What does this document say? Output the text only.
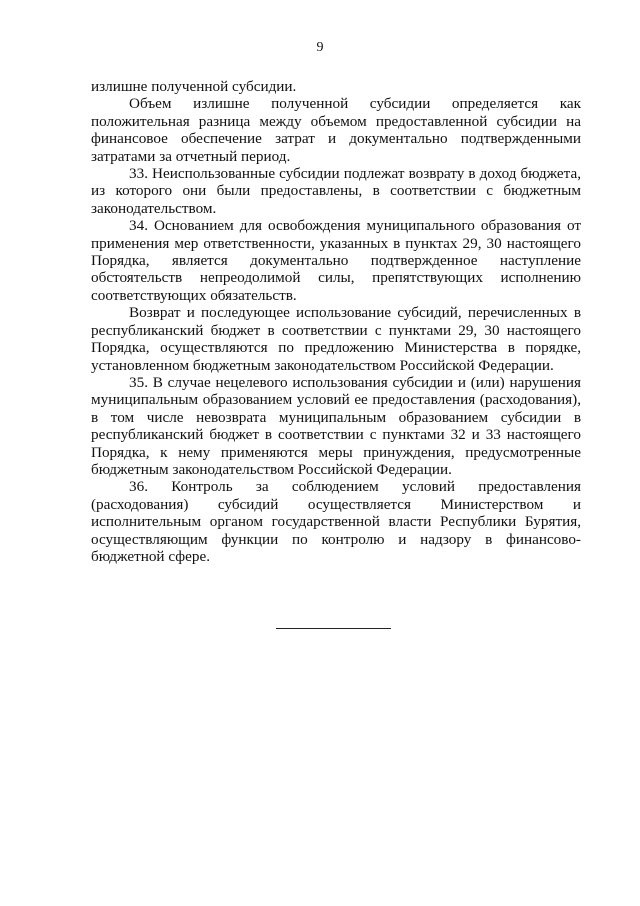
9

излишне полученной субсидии.

Объем излишне полученной субсидии определяется как положительная разница между объемом предоставленной субсидии на финансовое обеспечение затрат и документально подтвержденными затратами за отчетный период.

33. Неиспользованные субсидии подлежат возврату в доход бюджета, из которого они были предоставлены, в соответствии с бюджетным законодательством.

34. Основанием для освобождения муниципального образования от применения мер ответственности, указанных в пунктах 29, 30 настоящего Порядка, является документально подтвержденное наступление обстоятельств непреодолимой силы, препятствующих исполнению соответствующих обязательств.

Возврат и последующее использование субсидий, перечисленных в республиканский бюджет в соответствии с пунктами 29, 30 настоящего Порядка, осуществляются по предложению Министерства в порядке, установленном бюджетным законодательством Российской Федерации.

35. В случае нецелевого использования субсидии и (или) нарушения муниципальным образованием условий ее предоставления (расходования), в том числе невозврата муниципальным образованием субсидии в республиканский бюджет в соответствии с пунктами 32 и 33 настоящего Порядка, к нему применяются меры принуждения, предусмотренные бюджетным законодательством Российской Федерации.

36. Контроль за соблюдением условий предоставления (расходования) субсидий осуществляется Министерством и исполнительным органом государственной власти Республики Бурятия, осуществляющим функции по контролю и надзору в финансово-бюджетной сфере.
